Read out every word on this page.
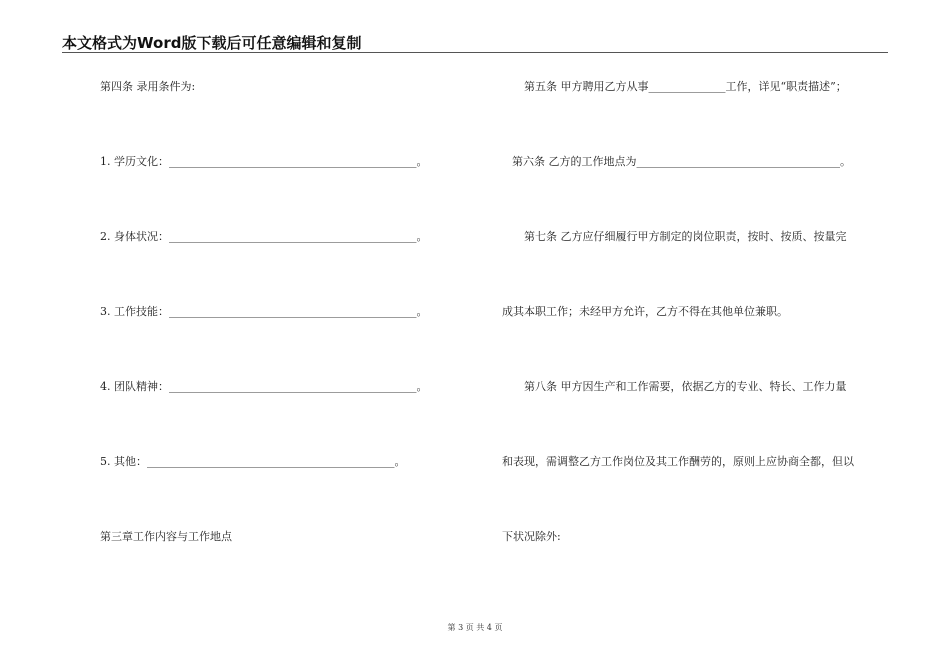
本文格式为Word版下载后可任意编辑和复制
第四条 录用条件为:
1. 学历文化：_____________________________________________。
2. 身体状况：_____________________________________________。
3. 工作技能：_____________________________________________。
4. 团队精神：_____________________________________________。
5. 其他：_____________________________________________。
第三章工作内容与工作地点
第五条 甲方聘用乙方从事______________工作，详见“职责描述”；
第六条 乙方的工作地点为_____________________________________。
第七条 乙方应仔细履行甲方制定的岗位职责，按时、按质、按量完
成其本职工作；未经甲方允许，乙方不得在其他单位兼职。
第八条 甲方因生产和工作需要，依据乙方的专业、特长、工作力量
和表现，需调整乙方工作岗位及其工作酬劳的，原则上应协商全都，但以
下状况除外:
第 3 页 共 4 页
